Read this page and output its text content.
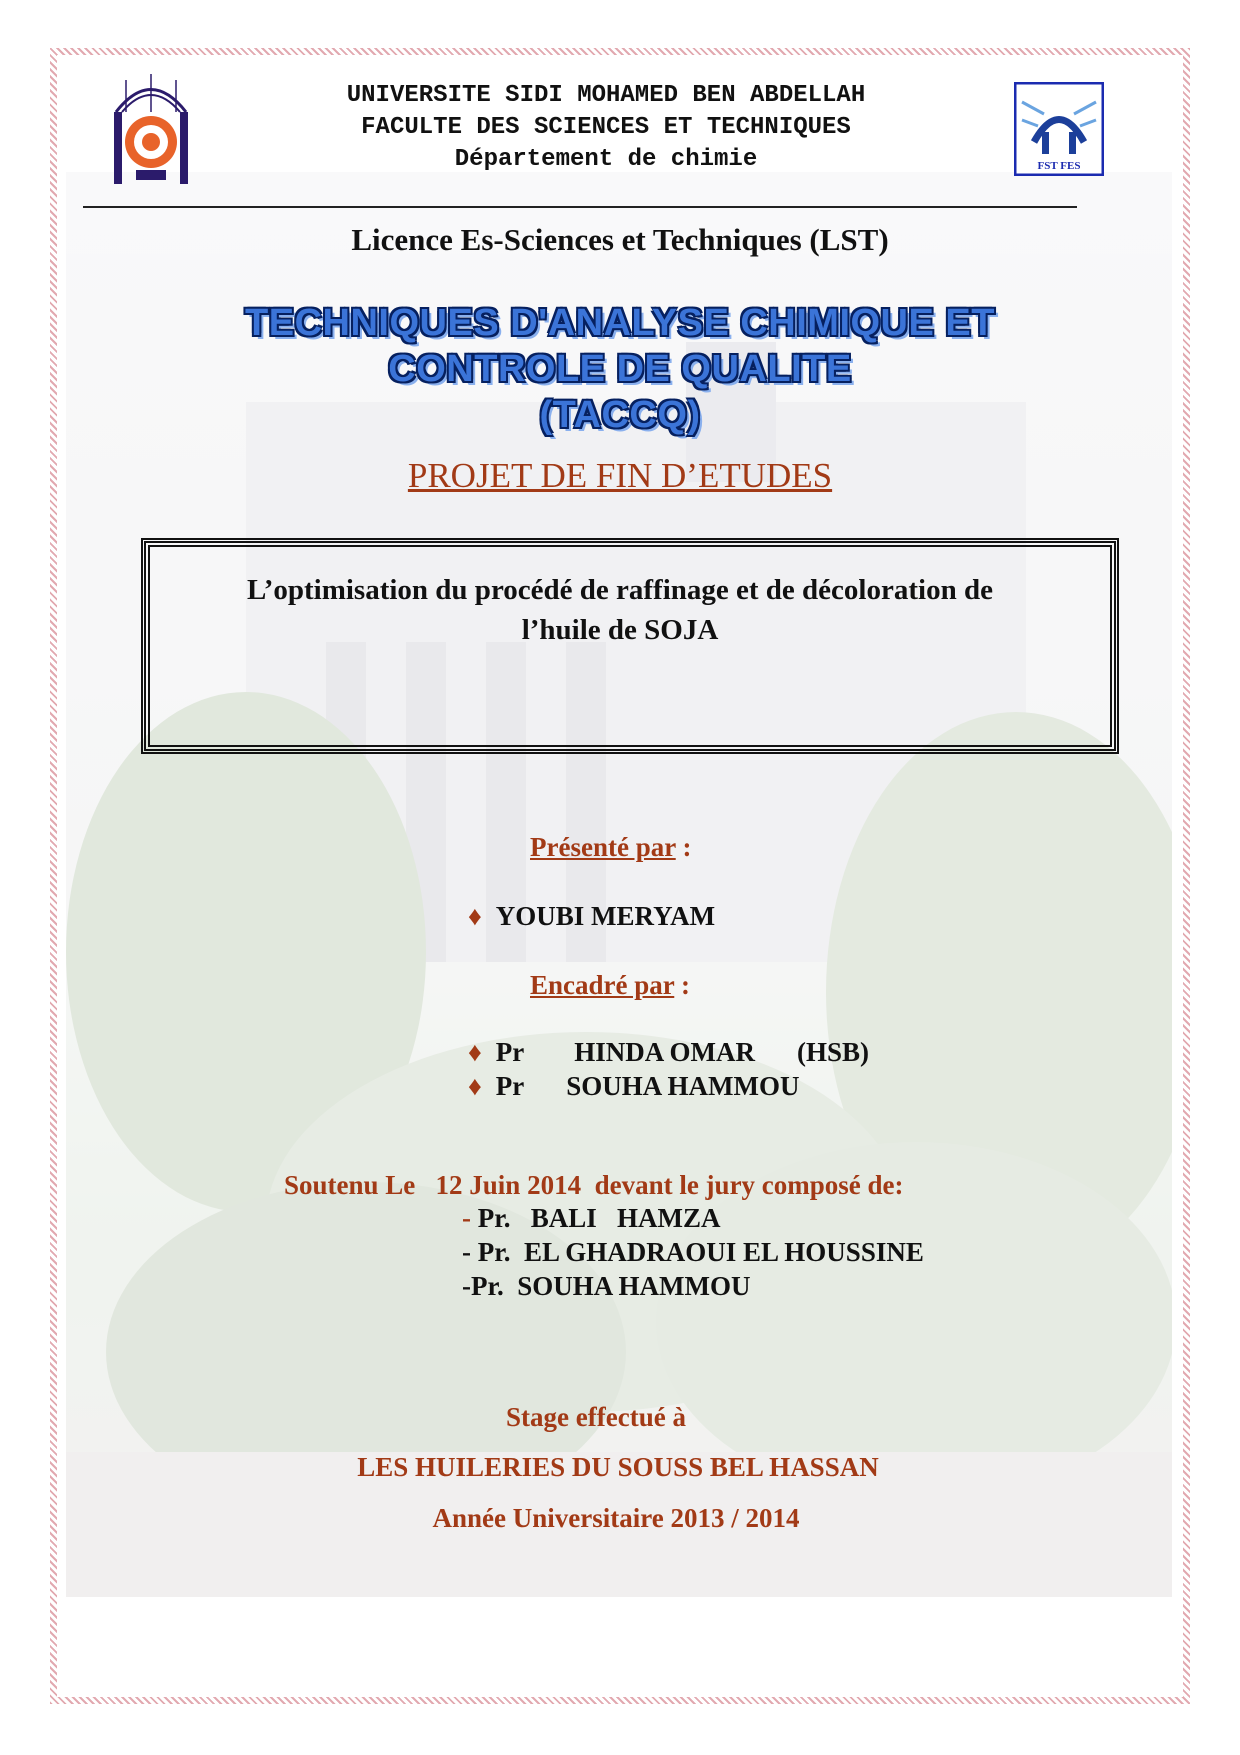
UNIVERSITE SIDI MOHAMED BEN ABDELLAH
FACULTE DES SCIENCES ET TECHNIQUES
Département de chimie	FST FES
Licence Es-Sciences et Techniques (LST)
TECHNIQUES D'ANALYSE CHIMIQUE ET
CONTROLE DE QUALITE
(TACCQ)
PROJET DE FIN D’ETUDES
L’optimisation du procédé de raffinage et de décoloration de
l’huile de SOJA
Présenté par :
♦ YOUBI MERYAM
Encadré par :
♦ Pr HINDA OMAR (HSB)
♦ Pr SOUHA HAMMOU
Soutenu Le   12 Juin 2014  devant le jury composé de:
- Pr.   BALI   HAMZA
- Pr.  EL GHADRAOUI EL HOUSSINE
-Pr.  SOUHA HAMMOU
Stage effectué à
LES HUILERIES DU SOUSS BEL HASSAN
Année Universitaire 2013 / 2014
